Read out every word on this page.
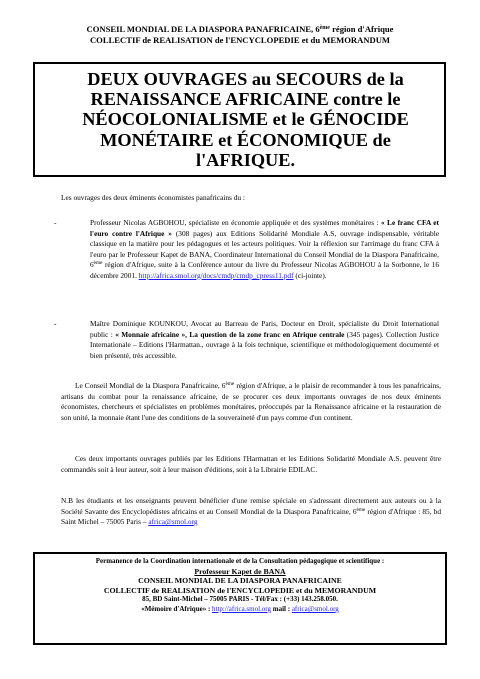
CONSEIL MONDIAL DE LA DIASPORA PANAFRICAINE, 6ème région d'Afrique
COLLECTIF de REALISATION de l'ENCYCLOPEDIE et du MEMORANDUM
DEUX OUVRAGES au SECOURS de la RENAISSANCE AFRICAINE contre le NÉOCOLONIALISME et le GÉNOCIDE MONÉTAIRE et ÉCONOMIQUE de l'AFRIQUE.
Les ouvrages des deux éminents économistes panafricains du :
-	Professeur Nicolas AGBOHOU, spécialiste en économie appliquée et des systèmes monétaires : « Le franc CFA et l'euro contre l'Afrique » (308 pages) aux Editions Solidarité Mondiale A.S, ouvrage indispensable, véritable classique en la matière pour les pédagogues et les acteurs politiques. Voir la réflexion sur l'arrimage du franc CFA à l'euro par le Professeur Kapet de BANA, Coordinateur International du Conseil Mondial de la Diaspora Panafricaine, 6ème région d'Afrique, suite à la Conférence autour du livre du Professeur Nicolas AGBOHOU à la Sorbonne, le 16 décembre 2001. http://africa.smol.org/docs/cmdp/cmdp_cpress11.pdf (ci-jointe).
-	Maître Dominique KOUNKOU, Avocat au Barreau de Paris, Docteur en Droit, spécialiste du Droit International public : « Monnaie africaine », La question de la zone franc en Afrique centrale (345 pages). Collection Justice Internationale – Editions l'Harmattan., ouvrage à la fois technique, scientifique et méthodologiquement documenté et bien présenté, très accessible.
Le Conseil Mondial de la Diaspora Panafricaine, 6ème région d'Afrique, a le plaisir de recommander à tous les panafricains, artisans du combat pour la renaissance africaine, de se procurer ces deux importants ouvrages de nos deux éminents économistes, chercheurs et spécialistes en problèmes monétaires, préoccupés par la Renaissance africaine et la restauration de son unité, la monnaie étant l'une des conditions de la souveraineté d'un pays comme d'un continent.
Ces deux importants ouvrages publiés par les Editions l'Harmattan et les Editions Solidarité Mondiale A.S. peuvent être commandés soit à leur auteur, soit à leur maison d'éditions, soit à la Librairie EDILAC.
N.B les étudiants et les enseignants peuvent bénéficier d'une remise spéciale en s'adressant directement aux auteurs ou à la Société Savante des Encyclopédistes africains et au Conseil Mondial de la Diaspora Panafricaine, 6ème région d'Afrique : 85, bd Saint Michel – 75005 Paris – africa@smol.org
Permanence de la Coordination internationale et de la Consultation pédagogique et scientifique :
Professeur Kapet de BANA
CONSEIL MONDIAL DE LA DIASPORA PANAFRICAINE
COLLECTIF de REALISATION de l'ENCYCLOPEDIE et du MEMORANDUM
85, BD Saint-Michel – 75005 PARIS - Tél/Fax : (+33) 143.258.050.
«Mémoire d'Afrique» : http://africa.smol.org mail : africa@smol.org
